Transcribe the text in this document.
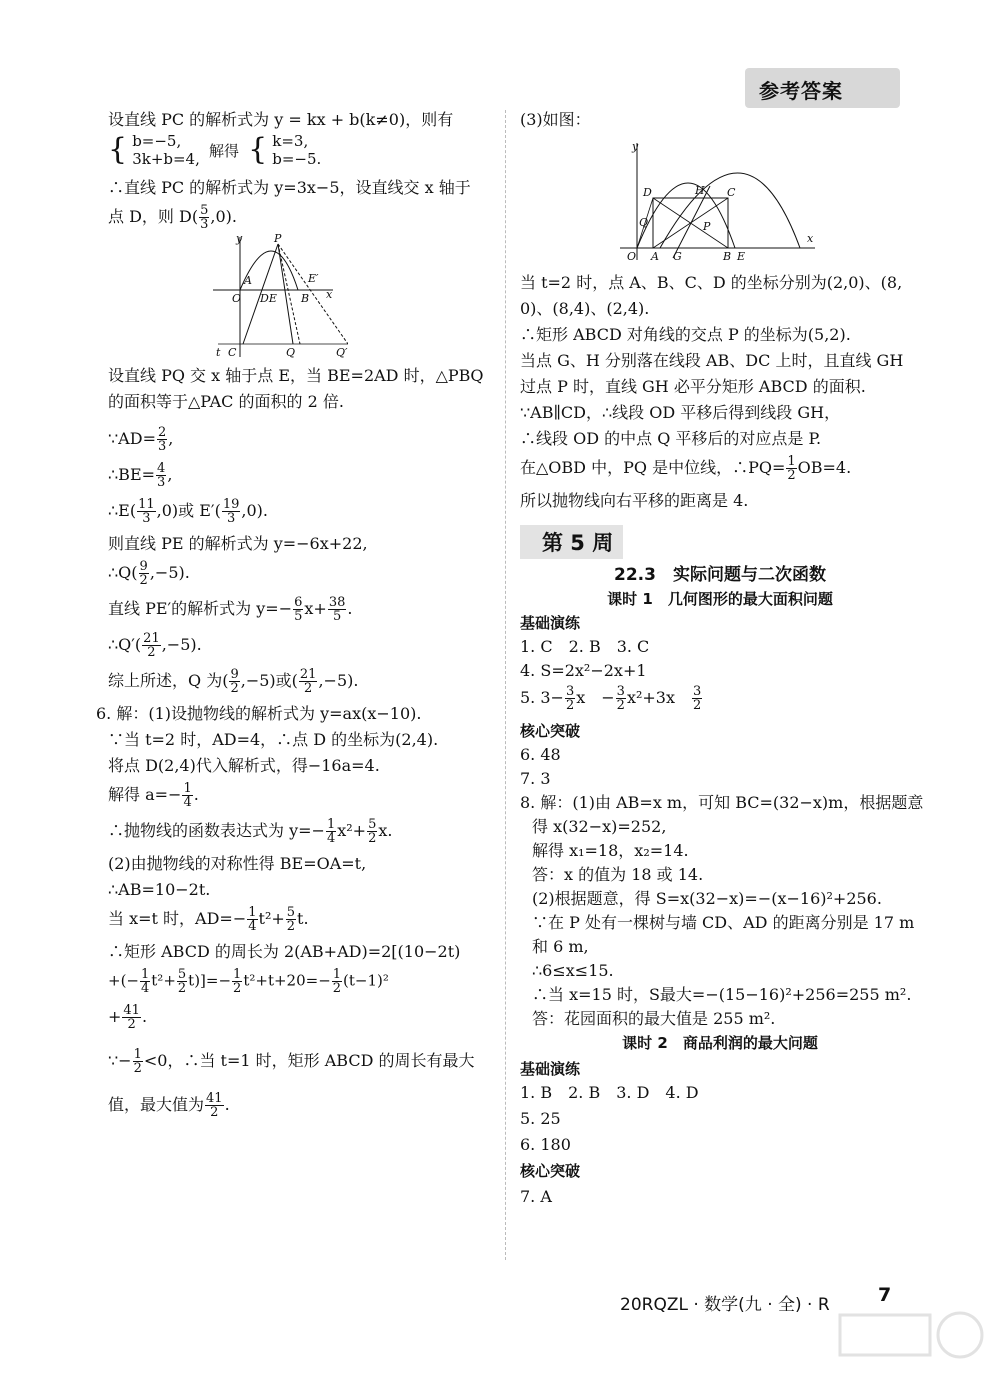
参考答案
设直线 PC 的解析式为 y = kx + b(k≠0)，则有
{ b=−5,
3k+b=4, 解得 { k=3,
b=−5.
∴直线 PC 的解析式为 y=3x−5，设直线交 x 轴于
点 D，则 $D( \frac{5}{3} ,0)$.
y	P
A
O DE B
E′
x
t C	Q	Q′
设直线 PQ 交 x 轴于点 E，当 BE=2AD 时，△PBQ
的面积等于△PAC 的面积的 2 倍.
∵AD= $\frac{2}{3}$ ,
∴BE= $\frac{4}{3}$ ,
∴E( $\frac{11}{3} ,0$)或 $E'( \frac{19}{3} ,0)$.
则直线 PE 的解析式为 y=−6x+22,
∴Q( $\frac{9}{2} ,-5$).
直线 PE′的解析式为 $y=- \frac{6}{5} x+ \frac{38}{5}$ .
∴Q′( $\frac{21}{2} ,-5$).
综上所述，Q 为( $\frac{9}{2} ,-5$)或( $\frac{21}{2} ,-5$).
6. 解：(1)设抛物线的解析式为 y=ax(x−10).
∵当 t=2 时，AD=4，∴点 D 的坐标为(2,4).
将点 D(2,4)代入解析式，得−16a=4.
解得 $a=- \frac{1}{4}$ .
∴抛物线的函数表达式为 $y=- \frac{1}{4} x^2+ \frac{5}{2} x$.
(2)由抛物线的对称性得 BE=OA=t,
∴AB=10−2t.
当 x=t 时，$AD=- \frac{1}{4} t^2+ \frac{5}{2} t$.
∴矩形 ABCD 的周长为 2(AB+AD)=2[(10−2t)
+(− $\frac{1}{4} t^2+ \frac{5}{2} t)]=- \frac{1}{2} t^2+t+20=- \frac{1}{2} (t-1)^2$
+ $\frac{41}{2}$ .
∵− $\frac{1}{2} <0$，∴当 t=1 时，矩形 ABCD 的周长有最大
值，最大值为 $\frac{41}{2}$ .
(3)如图：
y
D	H C
Q	P
O A G	B E
x
当 t=2 时，点 A、B、C、D 的坐标分别为(2,0)、(8,
0)、(8,4)、(2,4).
∴矩形 ABCD 对角线的交点 P 的坐标为(5,2).
当点 G、H 分别落在线段 AB、DC 上时，且直线 GH
过点 P 时，直线 GH 必平分矩形 ABCD 的面积.
∵AB∥CD，∴线段 OD 平移后得到线段 GH，
∴线段 OD 的中点 Q 平移后的对应点是 P.
在△OBD 中，PQ 是中位线，∴PQ= $\frac{1}{2} OB=4$.
所以抛物线向右平移的距离是 4.
第 5 周
22.3　实际问题与二次函数
课时 1　几何图形的最大面积问题
基础演练
1. C　2. B　3. C
4. S=2x²−2x+1
5. $3- \frac{3}{2}$ x　− $\frac{3}{2} x^2+3x$　 $\frac{3}{2}$
核心突破
6. 48
7. 3
8. 解：(1)由 AB=x m，可知 BC=(32−x)m，根据题意
得 x(32−x)=252,
解得 x₁=18，x₂=14.
答：x 的值为 18 或 14.
(2)根据题意，得 S=x(32−x)=−(x−16)²+256.
∵在 P 处有一棵树与墙 CD、AD 的距离分别是 17 m
和 6 m,
∴6≤x≤15.
∴当 x=15 时，S最大=−(15−16)²+256=255 m².
答：花园面积的最大值是 255 m².
课时 2　商品利润的最大问题
基础演练
1. B　2. B　3. D　4. D
5. 25
6. 180
核心突破
7. A
20RQZL · 数学(九 · 全) · R	7
